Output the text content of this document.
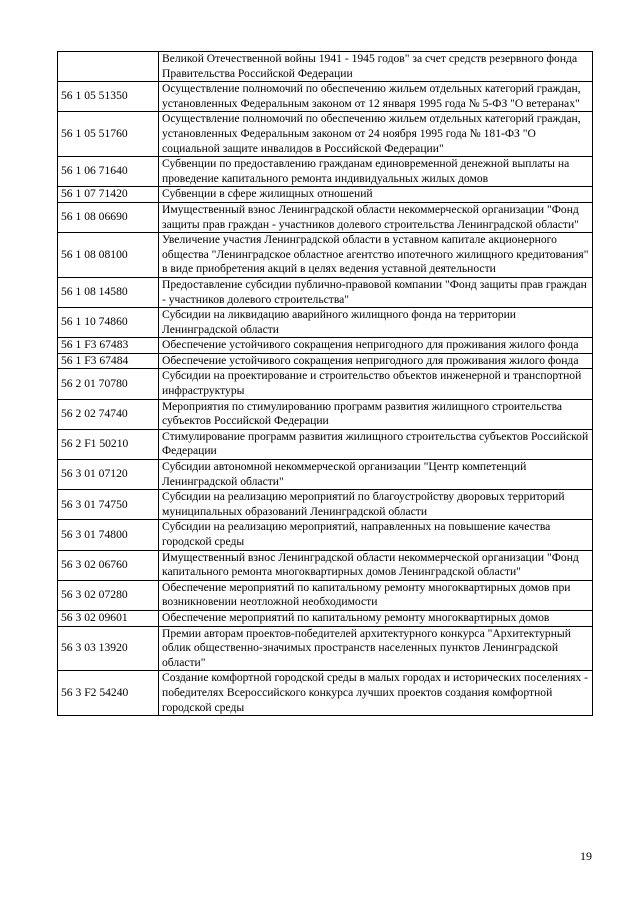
	Великой Отечественной войны 1941 - 1945 годов" за счет средств резервного фонда Правительства Российской Федерации
56 1 05 51350	Осуществление полномочий по обеспечению жильем отдельных категорий граждан, установленных Федеральным законом от 12 января 1995 года № 5-ФЗ "О ветеранах"
56 1 05 51760	Осуществление полномочий по обеспечению жильем отдельных категорий граждан, установленных Федеральным законом от 24 ноября 1995 года № 181-ФЗ "О социальной защите инвалидов в Российской Федерации"
56 1 06 71640	Субвенции по предоставлению гражданам единовременной денежной выплаты на проведение капитального ремонта индивидуальных жилых домов
56 1 07 71420	Субвенции в сфере жилищных отношений
56 1 08 06690	Имущественный взнос Ленинградской области некоммерческой организации "Фонд защиты прав граждан - участников долевого строительства Ленинградской области"
56 1 08 08100	Увеличение участия Ленинградской области в уставном капитале акционерного общества "Ленинградское областное агентство ипотечного жилищного кредитования" в виде приобретения акций в целях ведения уставной деятельности
56 1 08 14580	Предоставление субсидии публично-правовой компании "Фонд защиты прав граждан - участников долевого строительства"
56 1 10 74860	Субсидии на ликвидацию аварийного жилищного фонда на территории Ленинградской области
56 1 F3 67483	Обеспечение устойчивого сокращения непригодного для проживания жилого фонда
56 1 F3 67484	Обеспечение устойчивого сокращения непригодного для проживания жилого фонда
56 2 01 70780	Субсидии на проектирование и строительство объектов инженерной и транспортной инфраструктуры
56 2 02 74740	Мероприятия по стимулированию программ развития жилищного строительства субъектов Российской Федерации
56 2 F1 50210	Стимулирование программ развития жилищного строительства субъектов Российской Федерации
56 3 01 07120	Субсидии автономной некоммерческой организации "Центр компетенций Ленинградской области"
56 3 01 74750	Субсидии на реализацию мероприятий по благоустройству дворовых территорий муниципальных образований Ленинградской области
56 3 01 74800	Субсидии на реализацию мероприятий, направленных на повышение качества городской среды
56 3 02 06760	Имущественный взнос Ленинградской области некоммерческой организации "Фонд капитального ремонта многоквартирных домов Ленинградской области"
56 3 02 07280	Обеспечение мероприятий по капитальному ремонту многоквартирных домов при возникновении неотложной необходимости
56 3 02 09601	Обеспечение мероприятий по капитальному ремонту многоквартирных домов
56 3 03 13920	Премии авторам проектов-победителей архитектурного конкурса "Архитектурный облик общественно-значимых пространств населенных пунктов Ленинградской области"
56 3 F2 54240	Создание комфортной городской среды в малых городах и исторических поселениях - победителях Всероссийского конкурса лучших проектов создания комфортной городской среды
19
